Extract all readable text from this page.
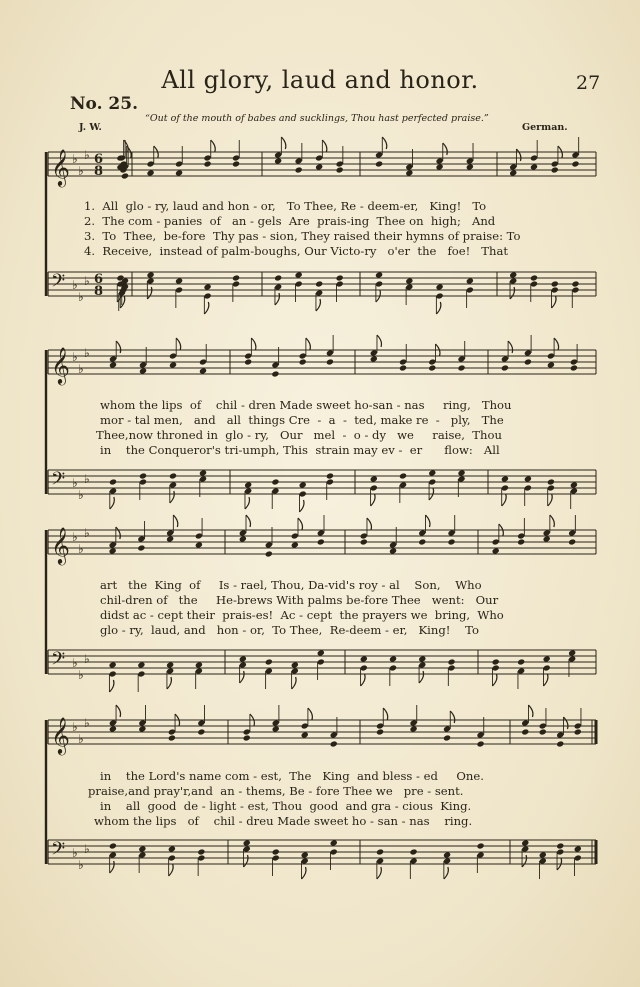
All glory, laud and honor.	27
No. 25.
“Out of the mouth of babes and sucklings, Thou hast perfected praise.”
J. W.	German.
𝄞 ♭
♭
♭ 6
8
𝄢 ♭
♭
♭ 6
8
𝄞 ♭
♭
♭
𝄢 ♭
♭
♭
𝄞 ♭
♭
♭
𝄢 ♭
♭
♭
𝄞 ♭
♭
♭
𝄢 ♭
♭
♭
1.  All  glo - ry, laud and hon - or,   To Thee, Re - deem-er,   King!   To
2.  The com - panies  of   an - gels  Are  prais-ing  Thee on  high;   And
3.  To  Thee,  be-fore  Thy pas - sion, They raised their hymns of praise: To
4.  Receive,  instead of palm-boughs, Our Victo-ry   o'er  the   foe!   That
whom the lips  of    chil - dren Made sweet ho-san - nas     ring,   Thou
mor - tal men,   and   all  things Cre  -  a  -  ted, make re  -   ply,   The
Thee,now throned in  glo - ry,   Our   mel  -  o - dy   we     raise,  Thou
in    the Conqueror's tri-umph, This  strain may ev -  er      flow:   All
art   the  King  of     Is - rael, Thou, Da-vid's roy - al    Son,    Who
chil-dren of   the     He-brews With palms be-fore Thee   went:   Our
didst ac - cept their  prais-es!  Ac - cept  the prayers we  bring,  Who
glo - ry,  laud, and   hon - or,  To Thee,  Re-deem - er,   King!    To
in    the Lord's name com - est,  The   King  and bless - ed     One.
praise,and pray'r,and  an - thems, Be - fore Thee we   pre - sent.
in    all  good  de - light - est, Thou  good  and gra - cious  King.
whom the lips   of    chil - dreu Made sweet ho - san - nas    ring.
